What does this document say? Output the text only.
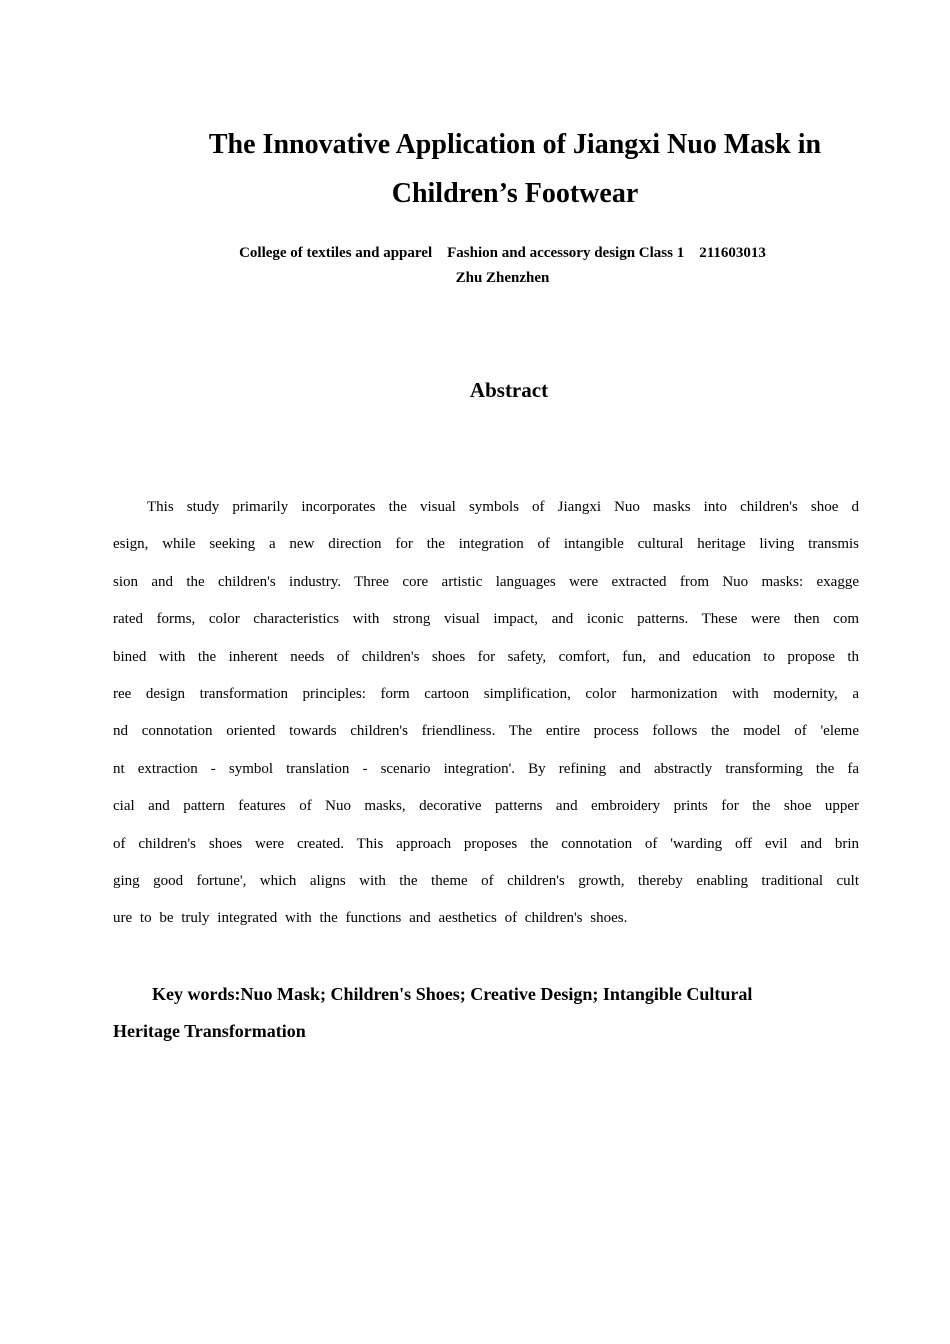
The Innovative Application of Jiangxi Nuo Mask in
Children’s Footwear
College of textiles and apparel    Fashion and accessory design Class 1    211603013
Zhu Zhenzhen
Abstract
This study primarily incorporates the visual symbols of Jiangxi Nuo masks into children's shoe d
esign, while seeking a new direction for the integration of intangible cultural heritage living transmis
sion and the children's industry. Three core artistic languages were extracted from Nuo masks: exagge
rated forms, color characteristics with strong visual impact, and iconic patterns. These were then com
bined with the inherent needs of children's shoes for safety, comfort, fun, and education to propose th
ree design transformation principles: form cartoon simplification, color harmonization with modernity, a
nd connotation oriented towards children's friendliness. The entire process follows the model of 'eleme
nt extraction - symbol translation - scenario integration'. By refining and abstractly transforming the fa
cial and pattern features of Nuo masks, decorative patterns and embroidery prints for the shoe upper
of children's shoes were created. This approach proposes the connotation of 'warding off evil and brin
ging good fortune', which aligns with the theme of children's growth, thereby enabling traditional cult
ure to be truly integrated with the functions and aesthetics of children's shoes.
Key words:Nuo Mask; Children's Shoes; Creative Design; Intangible Cultural
Heritage Transformation
